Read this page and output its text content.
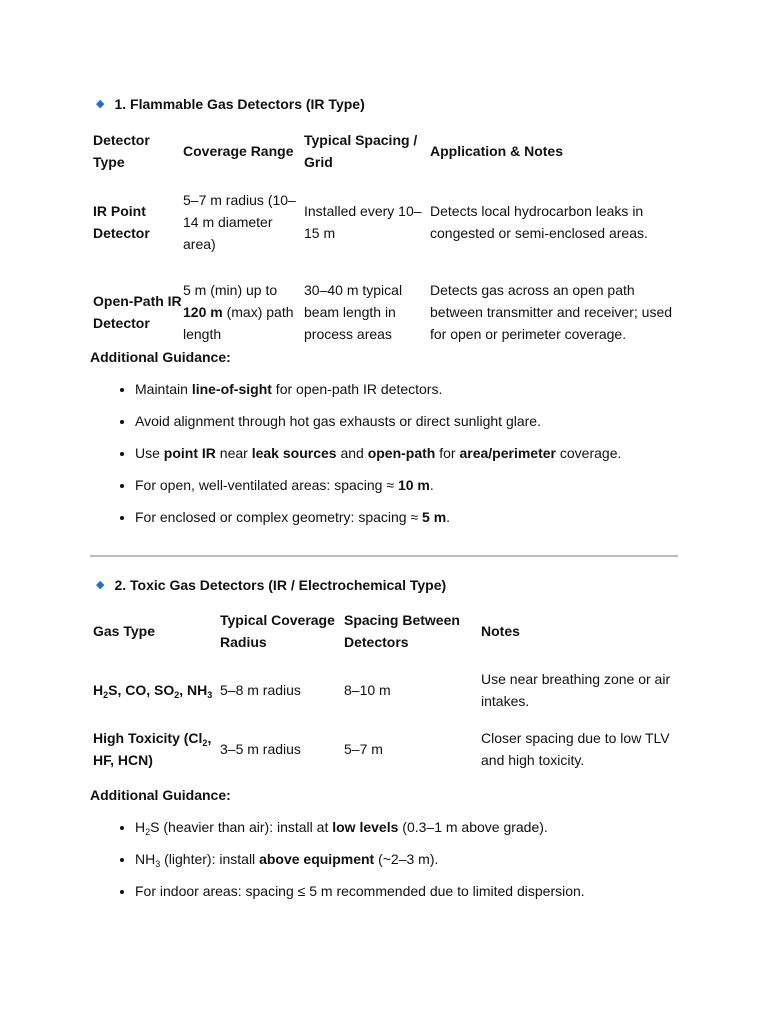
◆ 1. Flammable Gas Detectors (IR Type)
Detector Type	Coverage Range	Typical Spacing / Grid	Application & Notes
IR Point Detector	5–7 m radius (10–14 m diameter area)	Installed every 10–15 m	Detects local hydrocarbon leaks in congested or semi-enclosed areas.
Open-Path IR Detector	5 m (min) up to 120 m (max) path length	30–40 m typical beam length in process areas	Detects gas across an open path between transmitter and receiver; used for open or perimeter coverage.
Additional Guidance:
• Maintain line-of-sight for open-path IR detectors.
• Avoid alignment through hot gas exhausts or direct sunlight glare.
• Use point IR near leak sources and open-path for area/perimeter coverage.
• For open, well-ventilated areas: spacing ≈ 10 m.
• For enclosed or complex geometry: spacing ≈ 5 m.
◆ 2. Toxic Gas Detectors (IR / Electrochemical Type)
Gas Type	Typical Coverage Radius	Spacing Between Detectors	Notes
$H_2S$, CO, $SO_2$, $NH_3$	5–8 m radius	8–10 m	Use near breathing zone or air intakes.
High Toxicity ($Cl_2$, HF, HCN)	3–5 m radius	5–7 m	Closer spacing due to low TLV and high toxicity.
Additional Guidance:
• $H_2S$ (heavier than air): install at low levels (0.3–1 m above grade).
• $NH_3$ (lighter): install above equipment (~2–3 m).
• For indoor areas: spacing ≤ 5 m recommended due to limited dispersion.
